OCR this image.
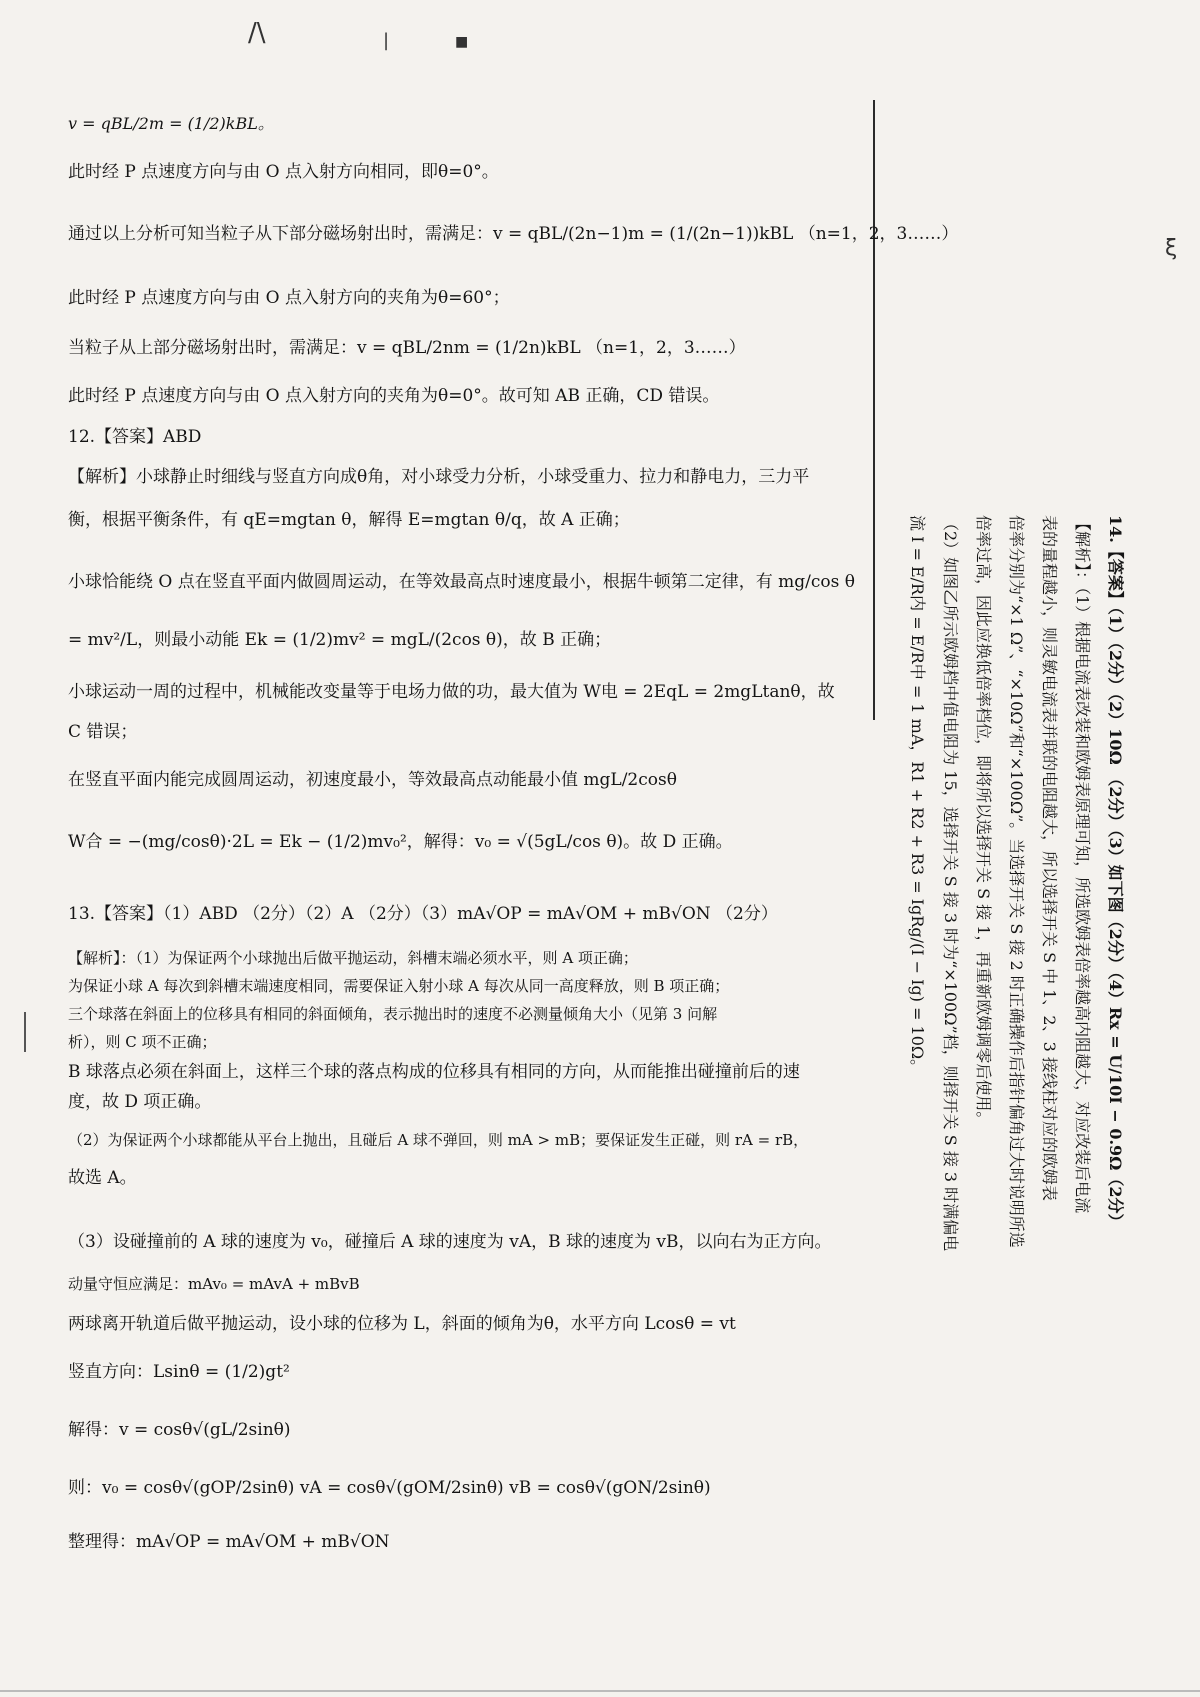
/\	|	■
ξ
v = qBL/2m = (1/2)kBL。
此时经 P 点速度方向与由 O 点入射方向相同，即θ=0°。
通过以上分析可知当粒子从下部分磁场射出时，需满足：v = qBL/(2n−1)m = (1/(2n−1))kBL （n=1，2，3……）
此时经 P 点速度方向与由 O 点入射方向的夹角为θ=60°；
当粒子从上部分磁场射出时，需满足：v = qBL/2nm = (1/2n)kBL （n=1，2，3……）
此时经 P 点速度方向与由 O 点入射方向的夹角为θ=0°。故可知 AB 正确，CD 错误。
12.【答案】ABD
【解析】小球静止时细线与竖直方向成θ角，对小球受力分析，小球受重力、拉力和静电力，三力平
衡，根据平衡条件，有 qE=mgtan θ，解得 E=mgtan θ/q，故 A 正确；
小球恰能绕 O 点在竖直平面内做圆周运动，在等效最高点时速度最小，根据牛顿第二定律，有 mg/cos θ
= mv²/L，则最小动能 Ek = (1/2)mv² = mgL/(2cos θ)，故 B 正确；
小球运动一周的过程中，机械能改变量等于电场力做的功，最大值为 W电 = 2EqL = 2mgLtanθ，故
C 错误；
在竖直平面内能完成圆周运动，初速度最小，等效最高点动能最小值 mgL/2cosθ
W合 = −(mg/cosθ)·2L = Ek − (1/2)mv₀²，解得：v₀ = √(5gL/cos θ)。故 D 正确。
13.【答案】（1）ABD （2分）（2）A （2分）（3）mA√OP = mA√OM + mB√ON （2分）
【解析】：（1）为保证两个小球抛出后做平抛运动，斜槽末端必须水平，则 A 项正确；
为保证小球 A 每次到斜槽末端速度相同，需要保证入射小球 A 每次从同一高度释放，则 B 项正确；
三个球落在斜面上的位移具有相同的斜面倾角，表示抛出时的速度不必测量倾角大小（见第 3 问解
析），则 C 项不正确；
B 球落点必须在斜面上，这样三个球的落点构成的位移具有相同的方向，从而能推出碰撞前后的速
度，故 D 项正确。
（2）为保证两个小球都能从平台上抛出，且碰后 A 球不弹回，则 mA > mB；要保证发生正碰，则 rA = rB，
故选 A。
（3）设碰撞前的 A 球的速度为 v₀，碰撞后 A 球的速度为 vA，B 球的速度为 vB，以向右为正方向。
动量守恒应满足：mAv₀ = mAvA + mBvB
两球离开轨道后做平抛运动，设小球的位移为 L，斜面的倾角为θ，水平方向 Lcosθ = vt
竖直方向：Lsinθ = (1/2)gt²
解得：v = cosθ√(gL/2sinθ)
则：v₀ = cosθ√(gOP/2sinθ) vA = cosθ√(gOM/2sinθ) vB = cosθ√(gON/2sinθ)
整理得：mA√OP = mA√OM + mB√ON
14.【答案】（1）（2分）（2）10Ω （2分）（3）如下图（2分）（4）Rx = U/10I − 0.9Ω（2分）
【解析】：（1）根据电流表改装和欧姆表原理可知，所选欧姆表倍率越高内阻越大，对应改装后电流
表的量程越小，则灵敏电流表并联的电阻越大，所以选择开关 S 中 1、2、3 接线柱对应的欧姆表
倍率分别为“×1 Ω”、“×10Ω”和“×100Ω”。当选择开关 S 接 2 时正确操作后指针偏角过大时说明所选
倍率过高，因此应换低倍率档位，即将所以选择开关 S 接 1，再重新欧姆调零后使用。
（2）如图乙所示欧姆档中值电阻为 15，选择开关 S 接 3 时为“×100Ω”档，则择开关 S 接 3 时满偏电
流 I = E/R内 = E/R中 = 1 mA，R1 + R2 + R3 = IgRg/(I − Ig) = 10Ω。
